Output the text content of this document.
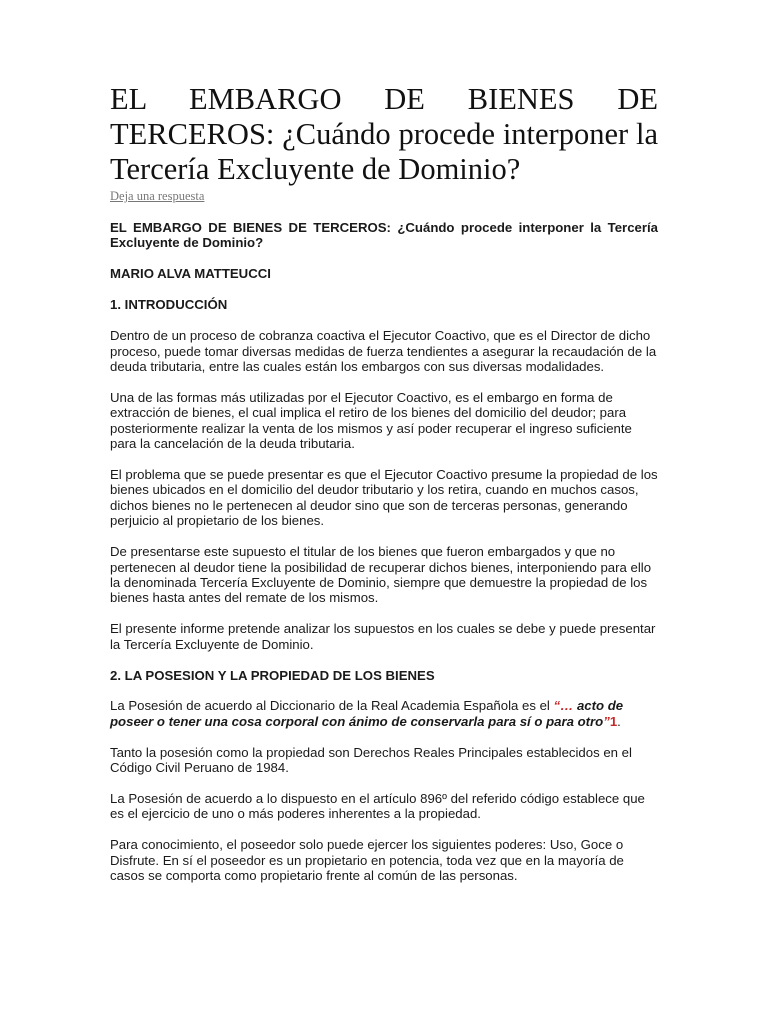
EL EMBARGO DE BIENES DE TERCEROS: ¿Cuándo procede interponer la Tercería Excluyente de Dominio?
Deja una respuesta

EL EMBARGO DE BIENES DE TERCEROS: ¿Cuándo procede interponer la Tercería Excluyente de Dominio?

MARIO ALVA MATTEUCCI

1. INTRODUCCIÓN

Dentro de un proceso de cobranza coactiva el Ejecutor Coactivo, que es el Director de dicho proceso, puede tomar diversas medidas de fuerza tendientes a asegurar la recaudación de la deuda tributaria, entre las cuales están los embargos con sus diversas modalidades.

Una de las formas más utilizadas por el Ejecutor Coactivo, es el embargo en forma de extracción de bienes, el cual implica el retiro de los bienes del domicilio del deudor; para posteriormente realizar la venta de los mismos y así poder recuperar el ingreso suficiente para la cancelación de la deuda tributaria.

El problema que se puede presentar es que el Ejecutor Coactivo presume la propiedad de los bienes ubicados en el domicilio del deudor tributario y los retira, cuando en muchos casos, dichos bienes no le pertenecen al deudor sino que son de terceras personas, generando perjuicio al propietario de los bienes.

De presentarse este supuesto el titular de los bienes que fueron embargados y que no pertenecen al deudor tiene la posibilidad de recuperar dichos bienes, interponiendo para ello la denominada Tercería Excluyente de Dominio, siempre que demuestre la propiedad de los bienes hasta antes del remate de los mismos.

El presente informe pretende analizar los supuestos en los cuales se debe y puede presentar la Tercería Excluyente de Dominio.

2. LA POSESION Y LA PROPIEDAD DE LOS BIENES

La Posesión de acuerdo al Diccionario de la Real Academia Española es el “… acto de poseer o tener una cosa corporal con ánimo de conservarla para sí o para otro”1.

Tanto la posesión como la propiedad son Derechos Reales Principales establecidos en el Código Civil Peruano de 1984.

La Posesión de acuerdo a lo dispuesto en el artículo 896º del referido código establece que es el ejercicio de uno o más poderes inherentes a la propiedad.

Para conocimiento, el poseedor solo puede ejercer los siguientes poderes: Uso, Goce o Disfrute. En sí el poseedor es un propietario en potencia, toda vez que en la mayoría de casos se comporta como propietario frente al común de las personas.
